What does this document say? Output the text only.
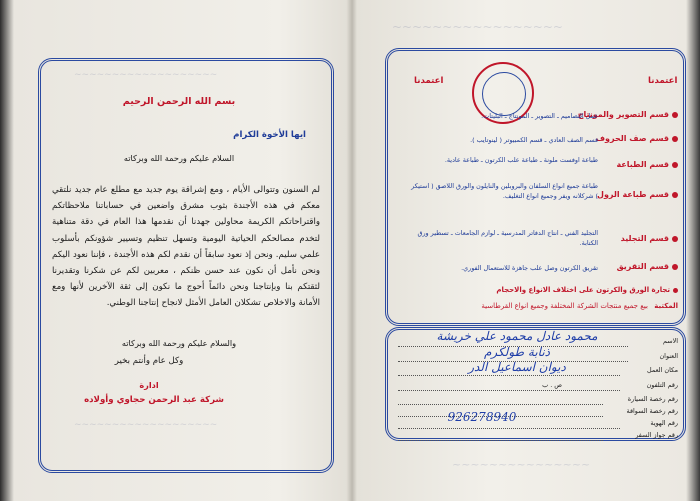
~~~~~~~~~~~~~~~~~~~
بسم الله الرحمن الرحيم
ايها الأخوة الكرام
السلام عليكم ورحمة الله وبركاته
لم السنون وتتوالى الأيام ، ومع إشراقة يوم جديد مع مطلع عام جديد نلتقي معكم في هذه الأجندة بثوب مشرق واضعين في حساباتنا ملاحظاتكم واقتراحاتكم الكريمة محاولين جهدنا أن نقدمها هذا العام في دقة متناهية لتخدم مصالحكم الحياتية اليومية وتسهل تنظيم وتسيير شؤونكم بأسلوب علمي سليم. ونحن إذ نعود سابقاً أن نقدم لكم هذه الأجندة ، فإننا نعود اليكم ونحن نأمل أن نكون عند حسن ظنكم ، معربين لكم عن شكرنا وتقديرنا لثقتكم بنا وبإنتاجنا ونحن دائماً أحوج ما نكون إلى ثقة الآخرين لأنها ومع الأمانة والاخلاص تشكلان العامل الأمثل لانجاح إنتاجنا الوطني.
والسلام عليكم ورحمة الله وبركاته
وكل عام وأنتم بخير
ادارة
شركة عبد الرحمن حجاوي وأولاده
~~~~~~~~~~~~~~~~~~~
~~~~~~~~~~~~~~~~~
اعتمدنا
اعتمدنا
قسم التصوير والمونتاج
عمل التصاميم ـ التصوير ـ المونتاج ـ البليتات.
قسم صف الحروف
قسم الصف العادي ـ قسم الكمبيوتر ( لينوتايب ).
قسم الطباعة
طباعة اوفست ملونة ـ طباعة علب الكرتون ـ طباعة عادية.
قسم طباعة الرول
طباعة جميع انواع السلفان والبروبلين والنايلون والورق اللاصق ( استيكر ) شركلانه ويفر وجميع انواع التغليف.
قسم التجليد
التجليد الفني ـ انتاج الدفاتر المدرسية ـ لوازم الجامعات ـ تسطير ورق الكتابة.
قسم التقريق
تقريق الكرتون وصل علب جاهزة للاستعمال الفوري.
تجارة الورق والكرتون على اختلاف الانواع والاحجام
المكتبة بيع جميع منتجات الشركة المختلفة وجميع انواع القرطاسية
الاسم
محمود عادل محمود علي خريشة
العنوان
ذنابة طولكرم
مكان العمل
ديوان اسماعيل الدر
رقم التلفون
ص . ب
رقم رخصة السيارة
رقم رخصة السواقة
رقم الهوية
926278940
رقم جواز السفر
~~~~~~~~~~~~~~~
